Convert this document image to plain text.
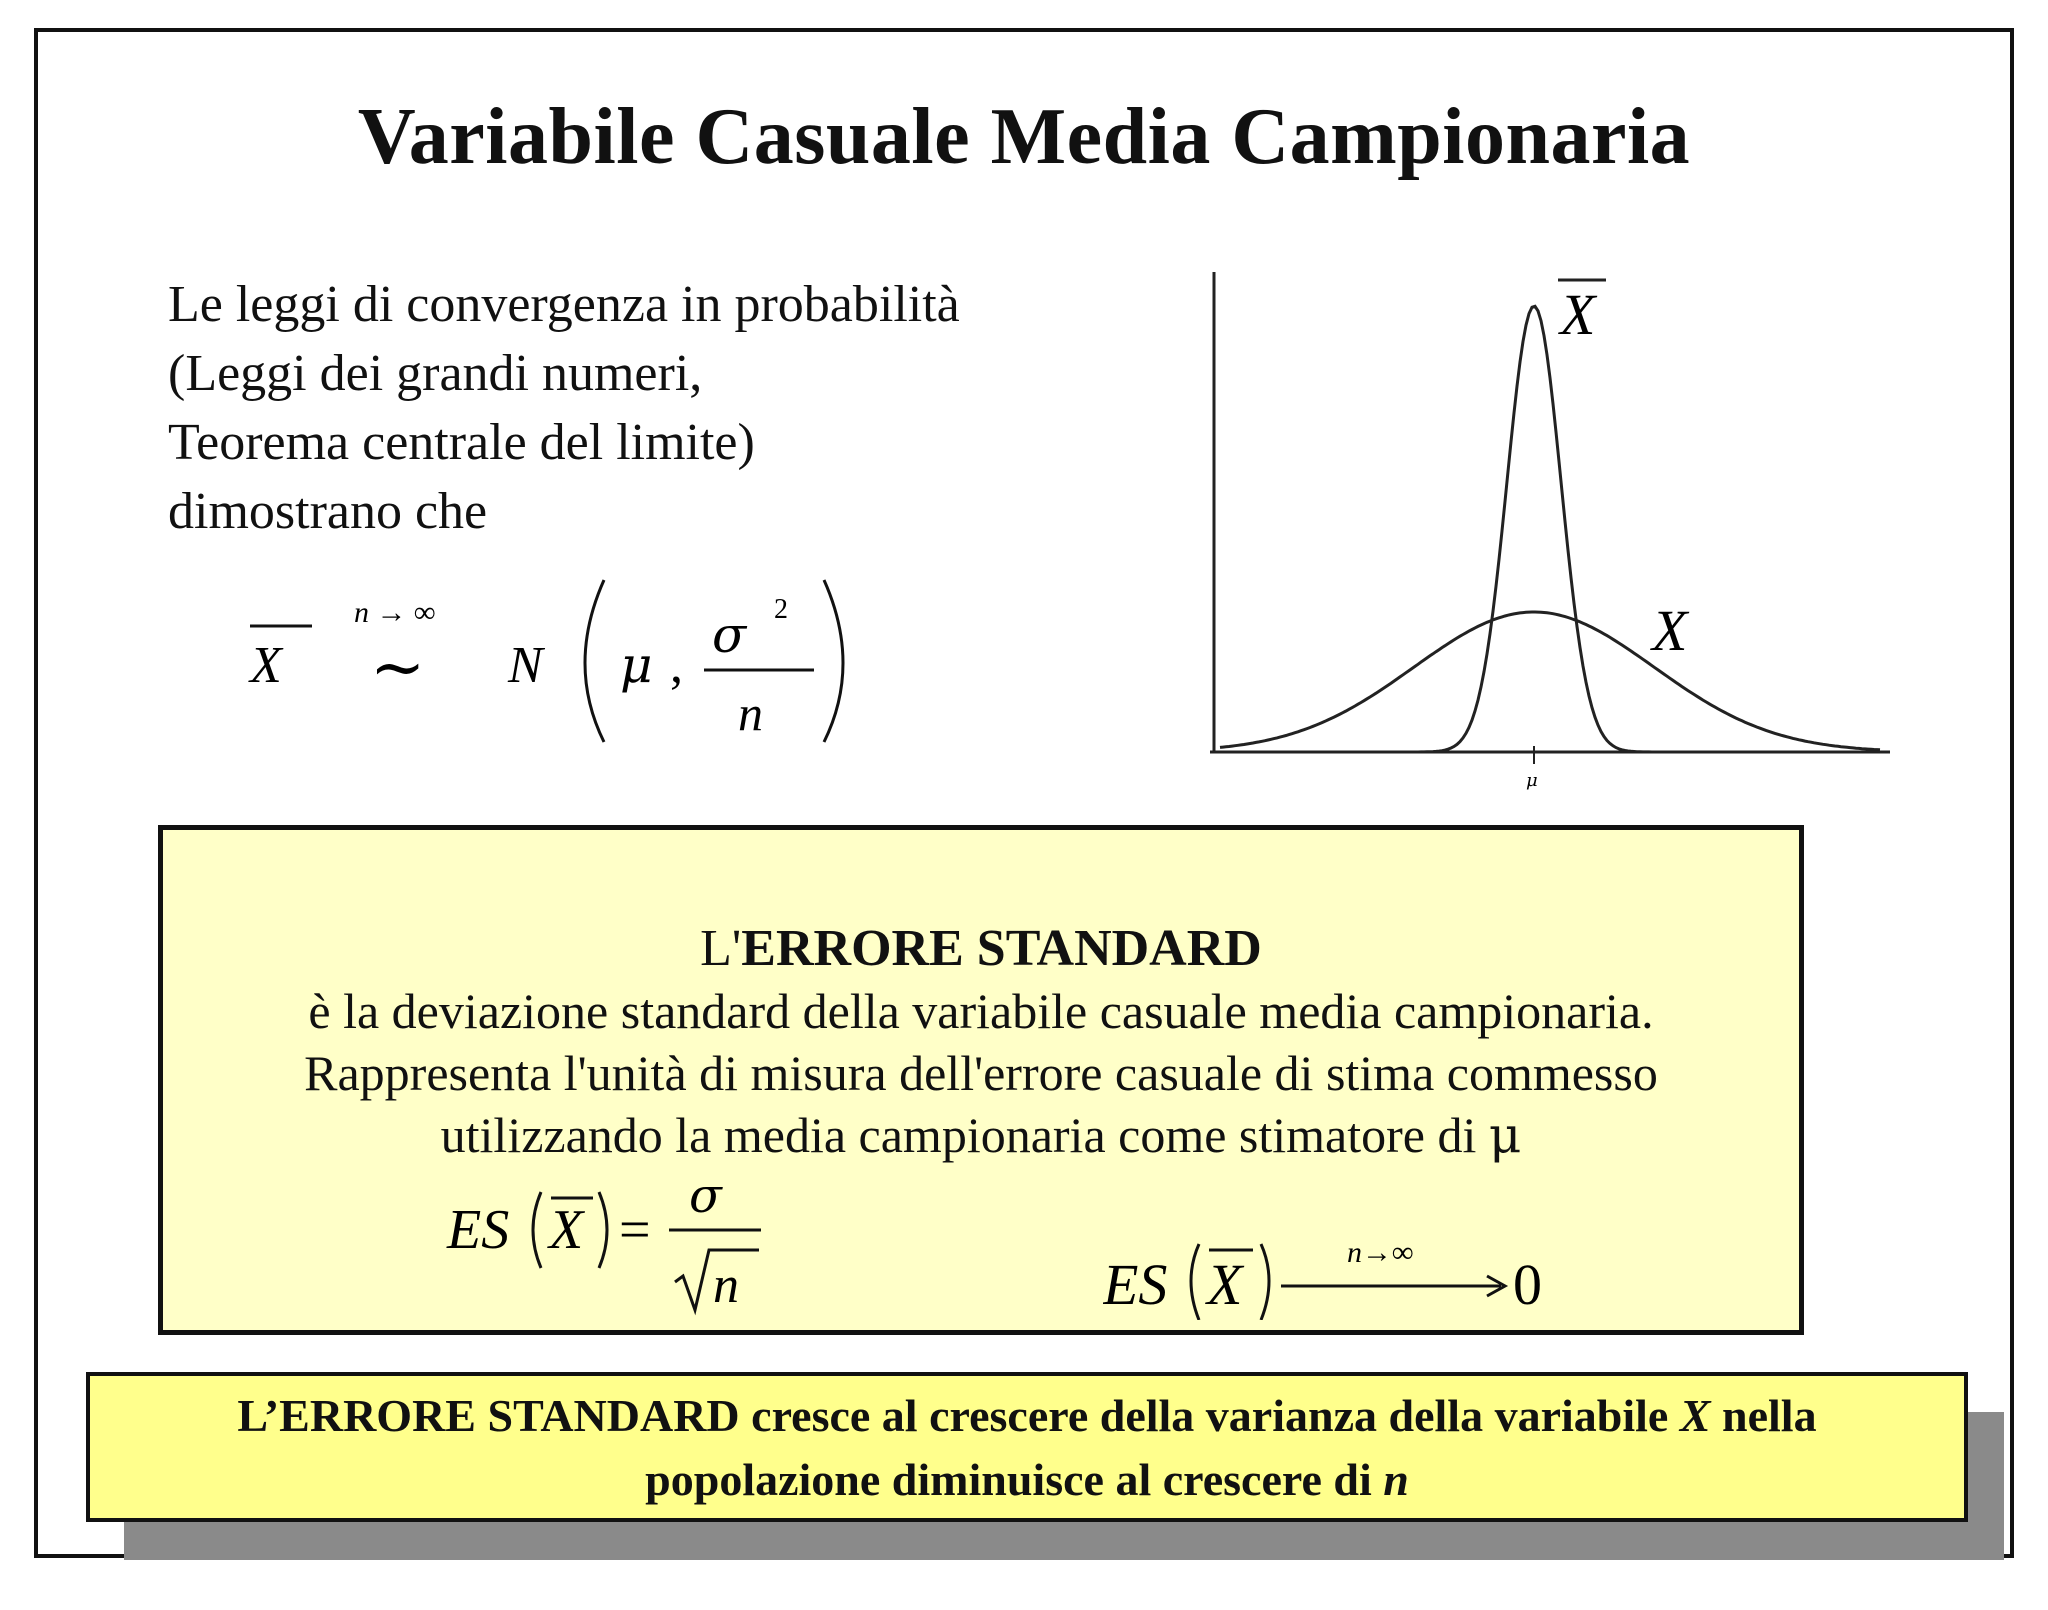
Variabile Casuale Media Campionaria
Le leggi di convergenza in probabilità
(Leggi dei grandi numeri,
Teorema centrale del limite)
dimostrano che
X
n → ∞
~ N μ ,
σ 2
n
X
X
μ
L'ERRORE STANDARD
è la deviazione standard della variabile casuale media campionaria.
Rappresenta l'unità di misura dell'errore casuale di stima commesso
utilizzando la media campionaria come stimatore di μ
ES X =
σ
n	ES X	n→∞ 0
L’ERRORE STANDARD cresce al crescere della varianza della variabile X nella
popolazione diminuisce al crescere di n
